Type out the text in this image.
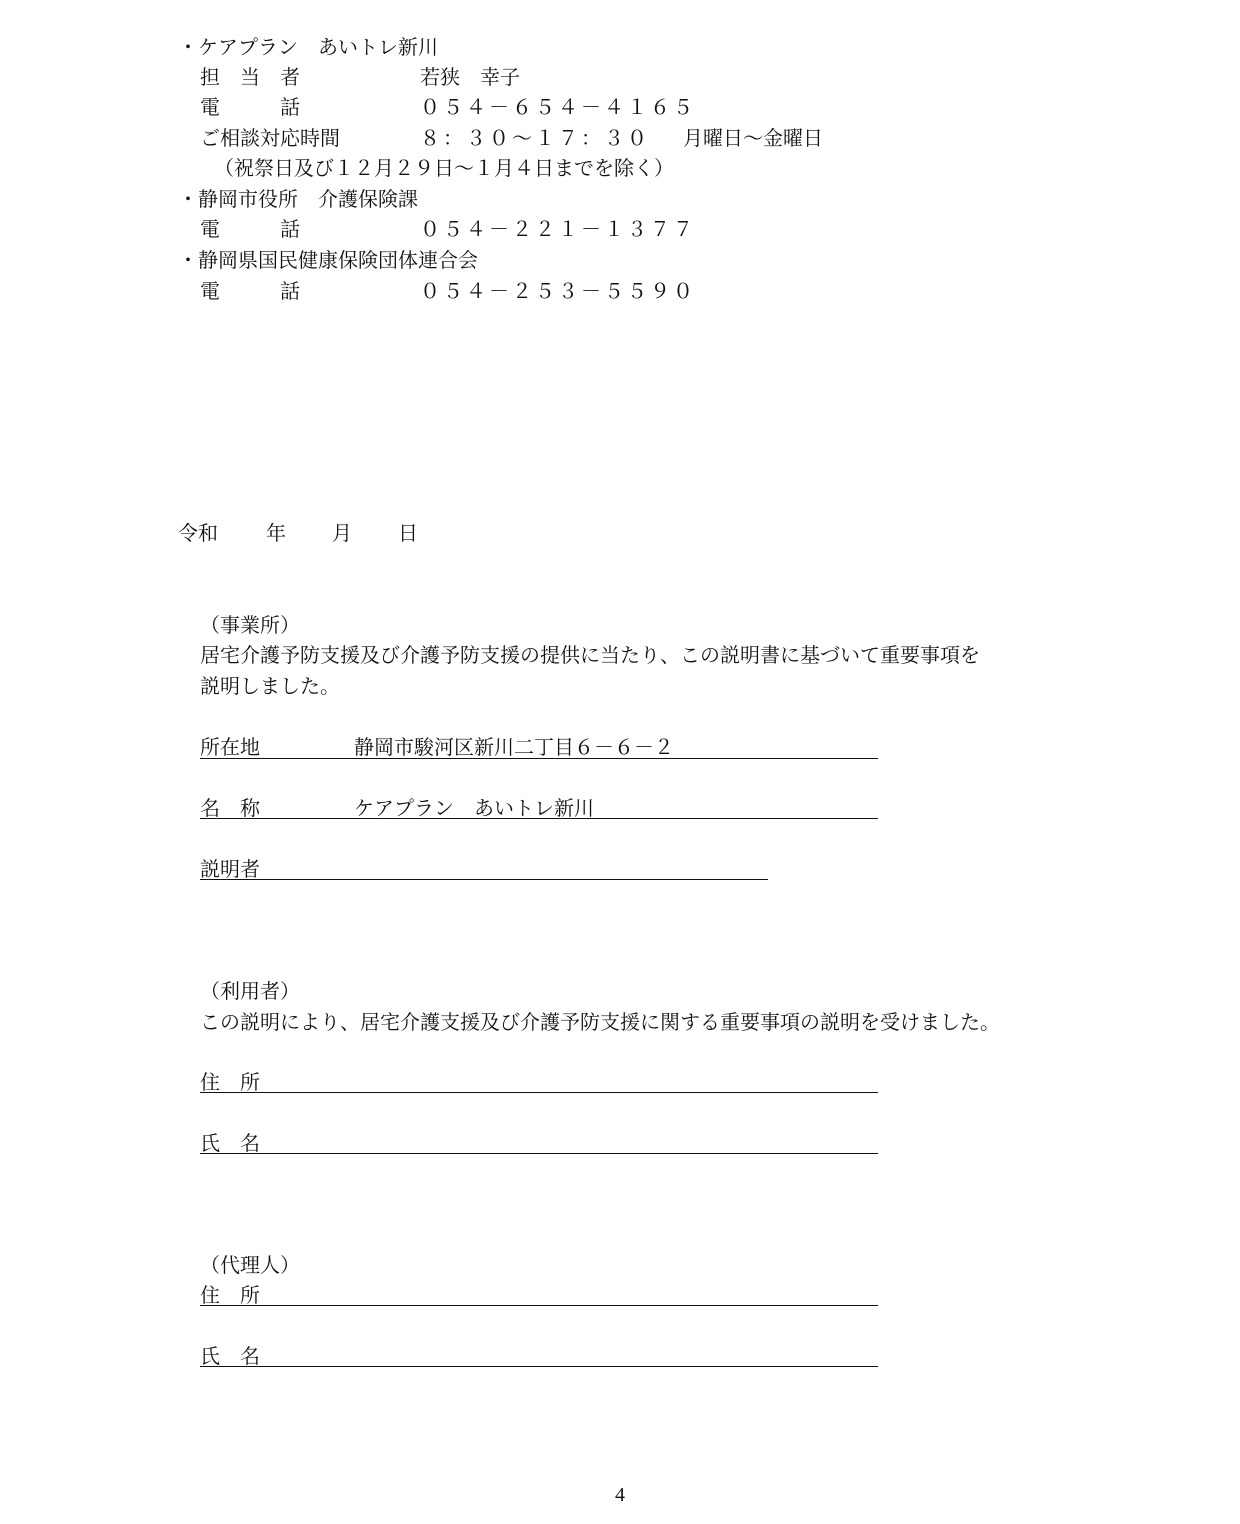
・ケアプラン　あいトレ新川
担　当　者	若狭　幸子
電　　　話	０５４－６５４－４１６５
ご相談対応時間	８：３０～１７：３０ 月曜日～金曜日
（祝祭日及び１２月２９日～１月４日までを除く）
・静岡市役所　介護保険課
電　　　話	０５４－２２１－１３７７
・静岡県国民健康保険団体連合会
電　　　話	０５４－２５３－５５９０
令和 年 月 日
（事業所）
居宅介護予防支援及び介護予防支援の提供に当たり、この説明書に基づいて重要事項を
説明しました。
所在地	静岡市駿河区新川二丁目６－６－２
名　称	ケアプラン　あいトレ新川
説明者
（利用者）
この説明により、居宅介護支援及び介護予防支援に関する重要事項の説明を受けました。
住　所
氏　名
（代理人）
住　所
氏　名
4
